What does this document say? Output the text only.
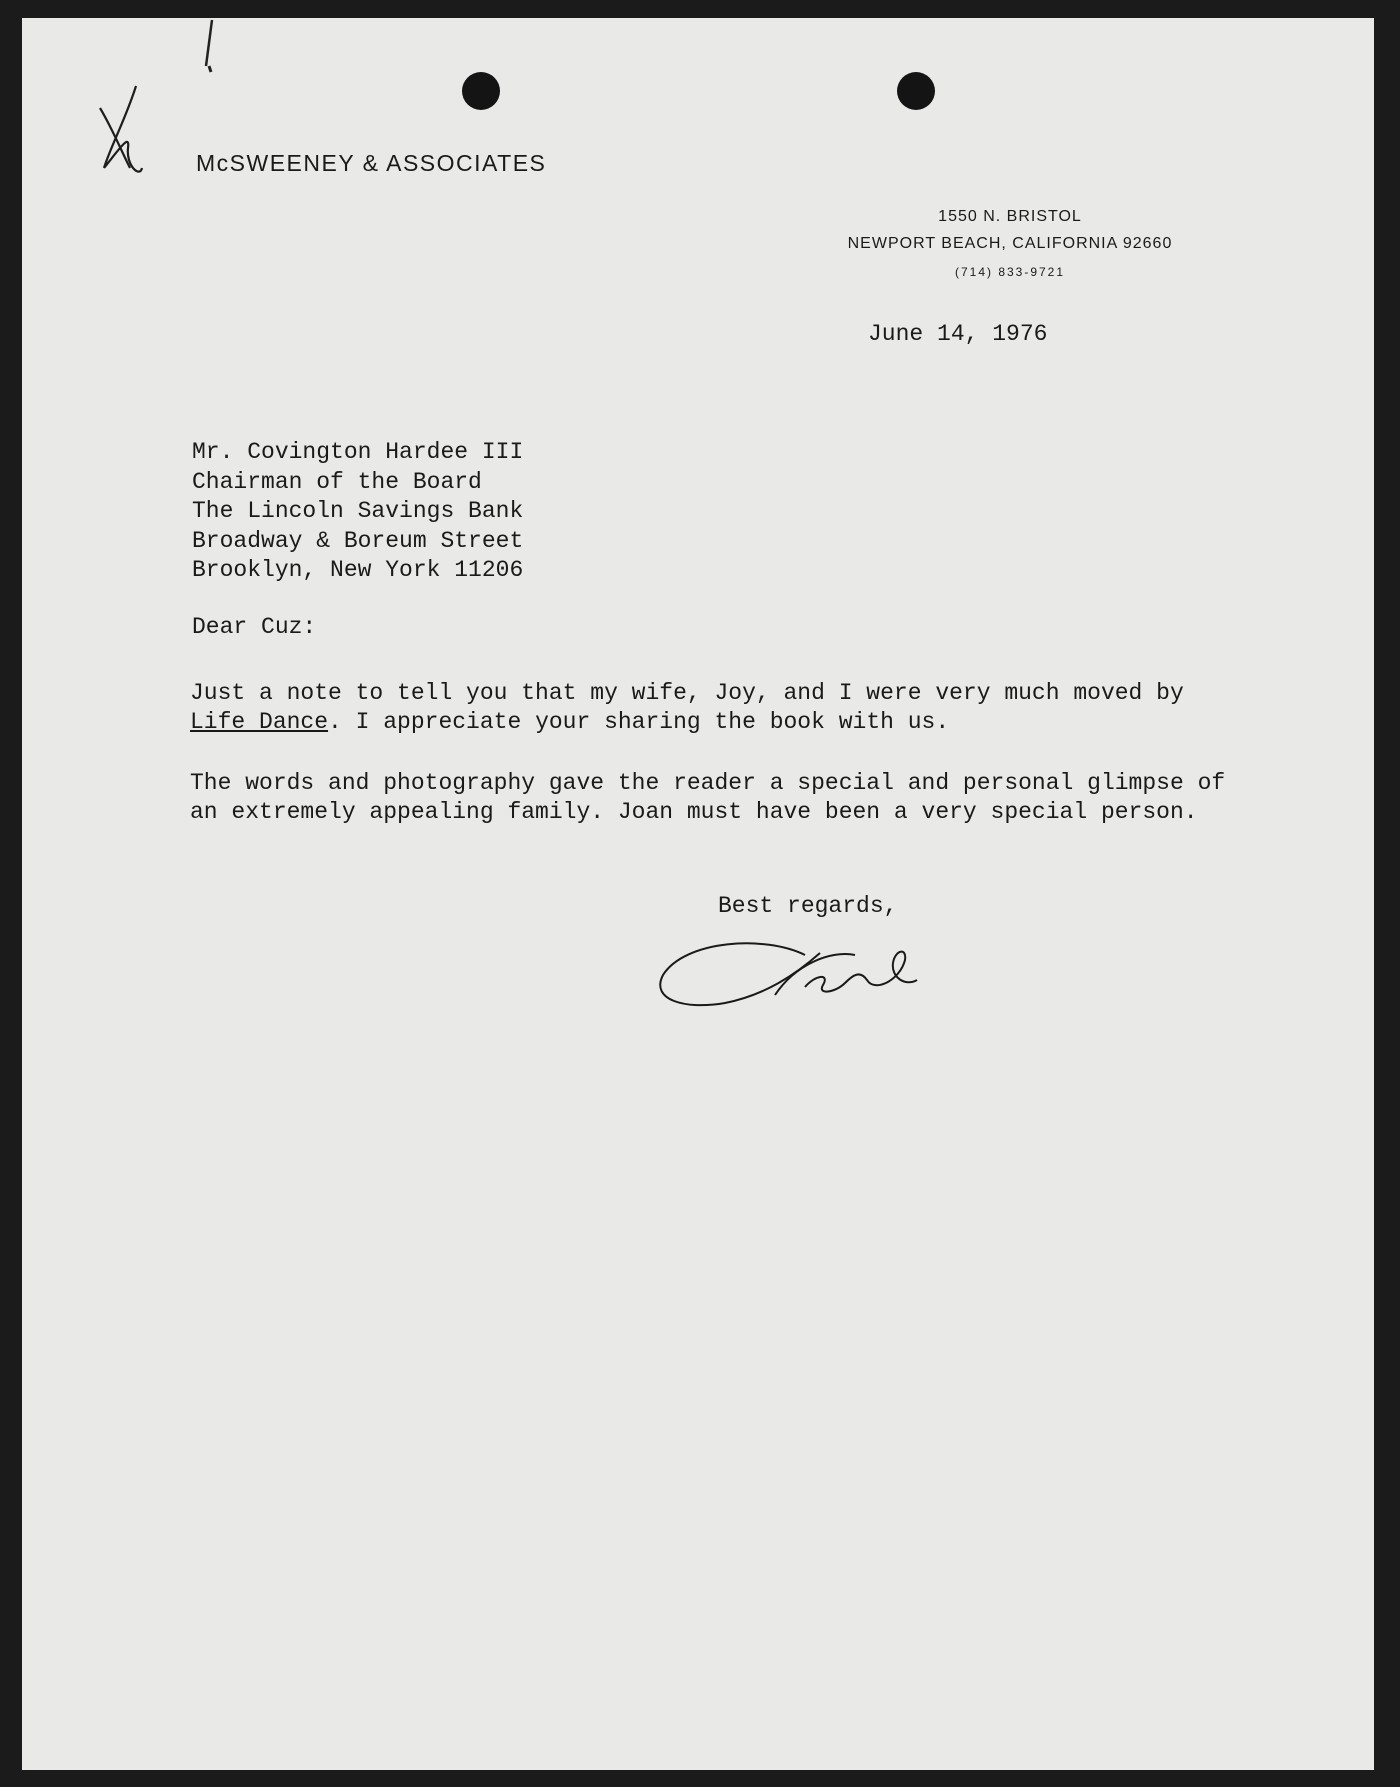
McSWEENEY & ASSOCIATES
1550 N. BRISTOL
NEWPORT BEACH, CALIFORNIA 92660
(714) 833-9721
June 14, 1976
Mr. Covington Hardee III
Chairman of the Board
The Lincoln Savings Bank
Broadway & Boreum Street
Brooklyn, New York 11206
Dear Cuz:
Just a note to tell you that my wife, Joy, and I were very much moved by Life Dance. I appreciate your sharing the book with us.
The words and photography gave the reader a special and personal glimpse of an extremely appealing family. Joan must have been a very special person.
Best regards,
